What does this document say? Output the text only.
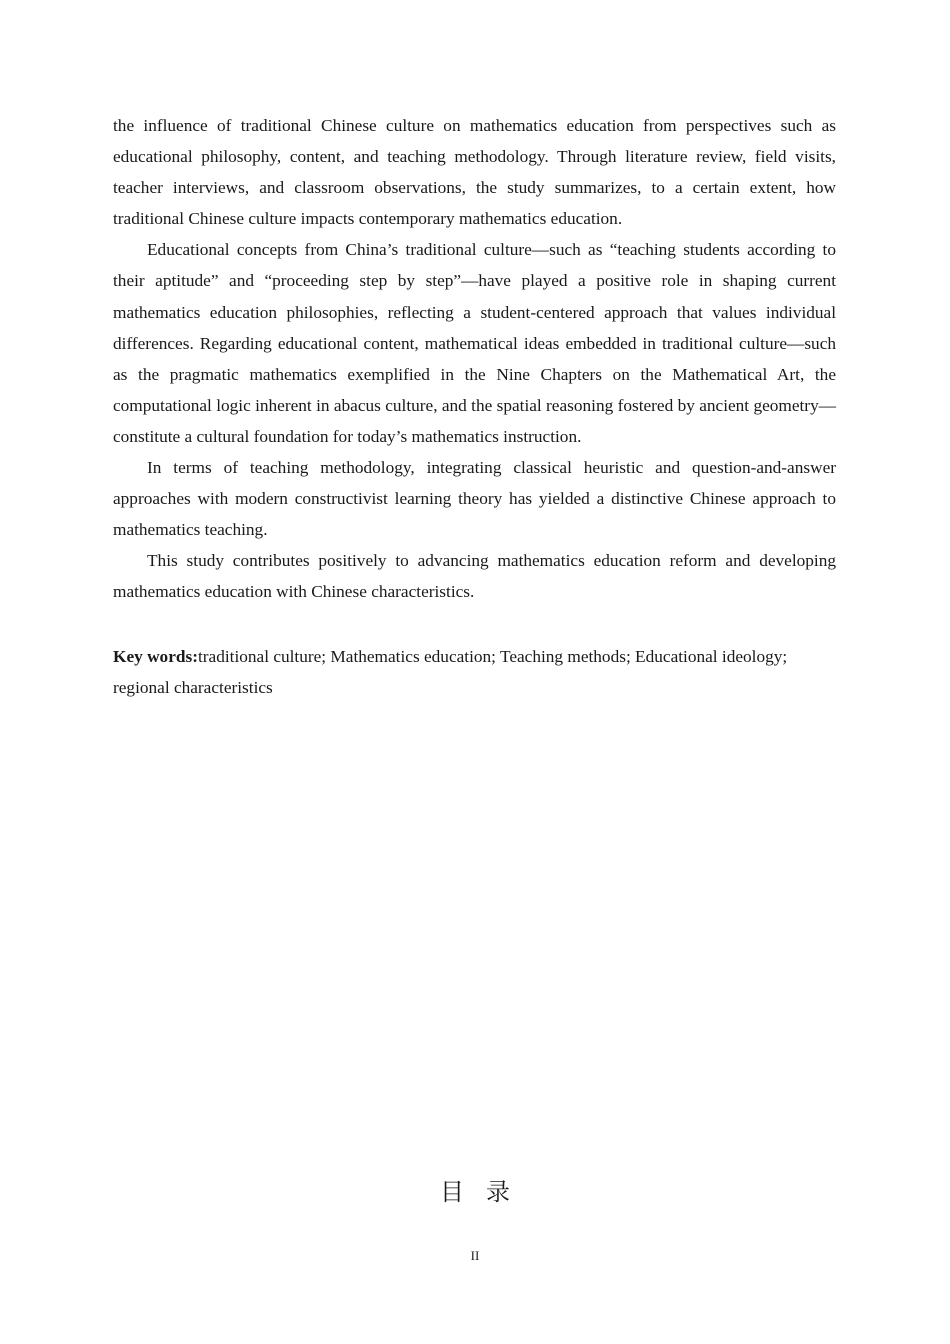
the influence of traditional Chinese culture on mathematics education from perspectives such as educational philosophy, content, and teaching methodology. Through literature review, field visits, teacher interviews, and classroom observations, the study summarizes, to a certain extent, how traditional Chinese culture impacts contemporary mathematics education.

Educational concepts from China’s traditional culture—such as “teaching students according to their aptitude” and “proceeding step by step”—have played a positive role in shaping current mathematics education philosophies, reflecting a student-centered approach that values individual differences. Regarding educational content, mathematical ideas embedded in traditional culture—such as the pragmatic mathematics exemplified in the Nine Chapters on the Mathematical Art, the computational logic inherent in abacus culture, and the spatial reasoning fostered by ancient geometry—constitute a cultural foundation for today’s mathematics instruction.

In terms of teaching methodology, integrating classical heuristic and question-and-answer approaches with modern constructivist learning theory has yielded a distinctive Chinese approach to mathematics teaching.

This study contributes positively to advancing mathematics education reform and developing mathematics education with Chinese characteristics.

Key words:traditional culture; Mathematics education; Teaching methods; Educational ideology; regional characteristics

目录
II
